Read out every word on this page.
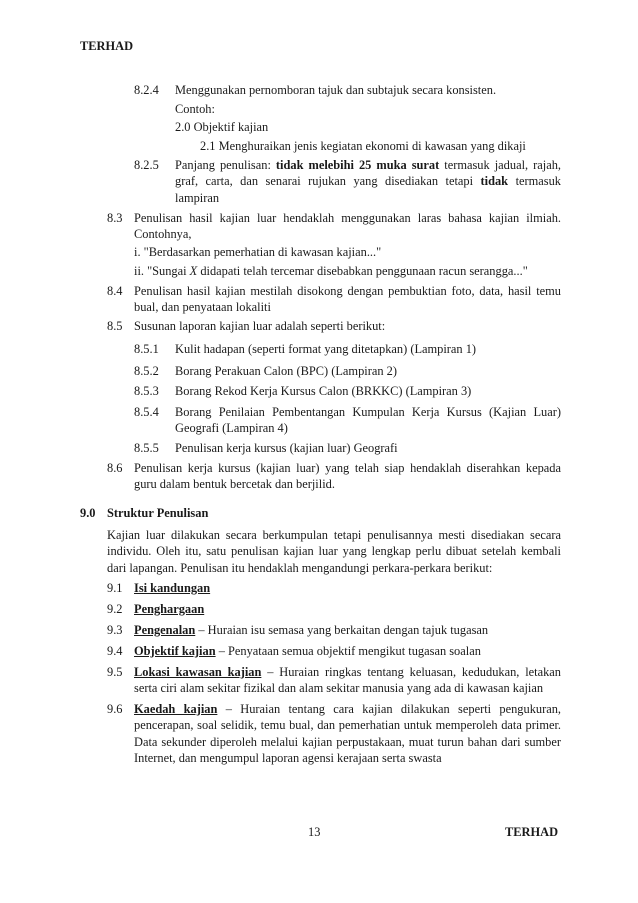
TERHAD
8.2.4 Menggunakan pernomboran tajuk dan subtajuk secara konsisten.
Contoh:
2.0 Objektif kajian
2.1 Menghuraikan jenis kegiatan ekonomi di kawasan yang dikaji
8.2.5 Panjang penulisan: tidak melebihi 25 muka surat termasuk jadual, rajah, graf, carta, dan senarai rujukan yang disediakan tetapi tidak termasuk lampiran
8.3 Penulisan hasil kajian luar hendaklah menggunakan laras bahasa kajian ilmiah. Contohnya,
i. "Berdasarkan pemerhatian di kawasan kajian..."
ii. "Sungai X didapati telah tercemar disebabkan penggunaan racun serangga..."
8.4 Penulisan hasil kajian mestilah disokong dengan pembuktian foto, data, hasil temu bual, dan penyataan lokaliti
8.5 Susunan laporan kajian luar adalah seperti berikut:
8.5.1 Kulit hadapan (seperti format yang ditetapkan) (Lampiran 1)
8.5.2 Borang Perakuan Calon (BPC) (Lampiran 2)
8.5.3 Borang Rekod Kerja Kursus Calon (BRKKC) (Lampiran 3)
8.5.4 Borang Penilaian Pembentangan Kumpulan Kerja Kursus (Kajian Luar) Geografi (Lampiran 4)
8.5.5 Penulisan kerja kursus (kajian luar) Geografi
8.6 Penulisan kerja kursus (kajian luar) yang telah siap hendaklah diserahkan kepada guru dalam bentuk bercetak dan berjilid.
9.0 Struktur Penulisan
Kajian luar dilakukan secara berkumpulan tetapi penulisannya mesti disediakan secara individu. Oleh itu, satu penulisan kajian luar yang lengkap perlu dibuat setelah kembali dari lapangan. Penulisan itu hendaklah mengandungi perkara-perkara berikut:
9.1 Isi kandungan
9.2 Penghargaan
9.3 Pengenalan – Huraian isu semasa yang berkaitan dengan tajuk tugasan
9.4 Objektif kajian – Penyataan semua objektif mengikut tugasan soalan
9.5 Lokasi kawasan kajian – Huraian ringkas tentang keluasan, kedudukan, letakan serta ciri alam sekitar fizikal dan alam sekitar manusia yang ada di kawasan kajian
9.6 Kaedah kajian – Huraian tentang cara kajian dilakukan seperti pengukuran, pencerapan, soal selidik, temu bual, dan pemerhatian untuk memperoleh data primer. Data sekunder diperoleh melalui kajian perpustakaan, muat turun bahan dari sumber Internet, dan mengumpul laporan agensi kerajaan serta swasta
13	TERHAD
